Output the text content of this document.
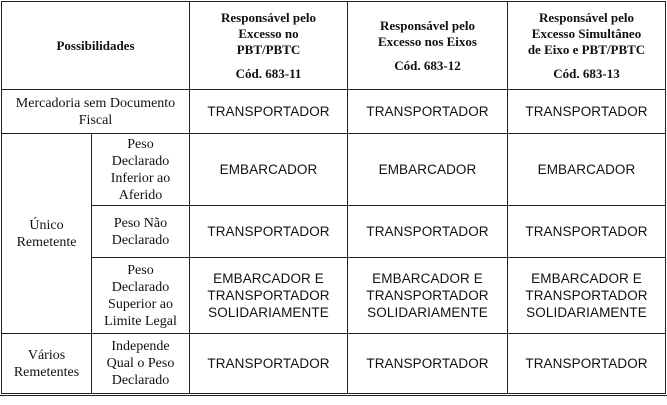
Possibilidades		Responsável pelo
Excesso no
PBT/PBTC
Cód. 683-11	Responsável pelo
Excesso nos Eixos
Cód. 683-12	Responsável pelo
Excesso Simultâneo
de Eixo e PBT/PBTC
Cód. 683-13

Mercadoria sem Documento
Fiscal		TRANSPORTADOR	TRANSPORTADOR	TRANSPORTADOR

Único
Remetente	Peso
Declarado
Inferior ao
Aferido	EMBARCADOR	EMBARCADOR	EMBARCADOR

	Peso Não
Declarado	TRANSPORTADOR	TRANSPORTADOR	TRANSPORTADOR

	Peso
Declarado
Superior ao
Limite Legal	EMBARCADOR E
TRANSPORTADOR
SOLIDARIAMENTE	EMBARCADOR E
TRANSPORTADOR
SOLIDARIAMENTE	EMBARCADOR E
TRANSPORTADOR
SOLIDARIAMENTE

Vários
Remetentes	Independe
Qual o Peso
Declarado	TRANSPORTADOR	TRANSPORTADOR	TRANSPORTADOR
